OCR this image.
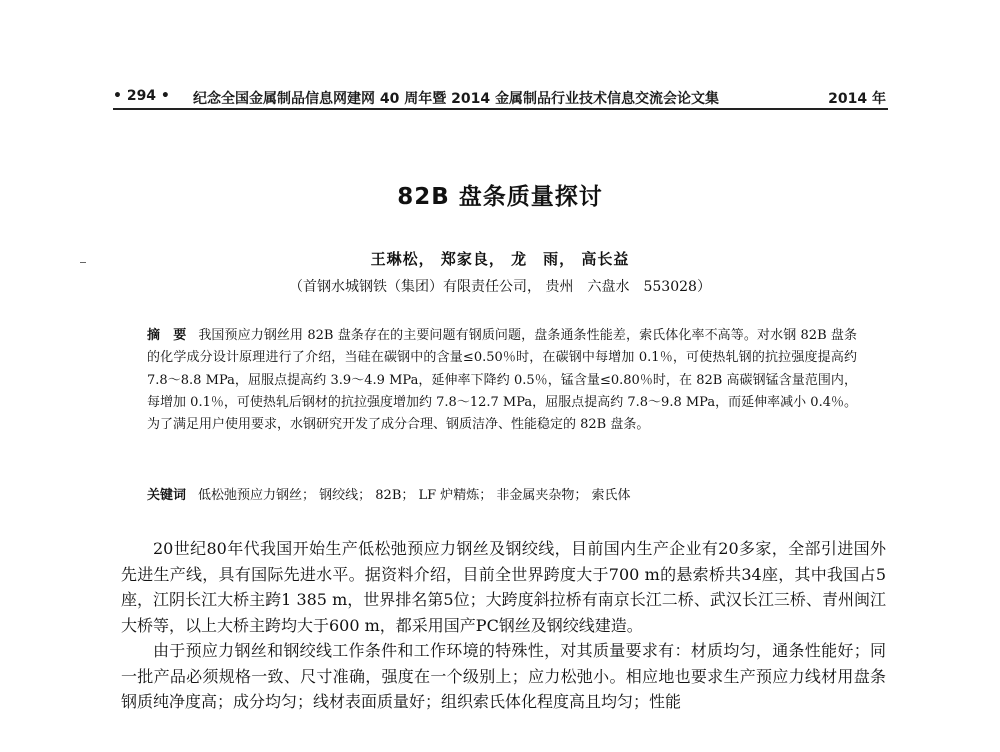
• 294 • 纪念全国金属制品信息网建网 40 周年暨 2014 金属制品行业技术信息交流会论文集	2014 年
82B 盘条质量探讨
王琳松， 郑家良， 龙　雨， 高长益
（首钢水城钢铁（集团）有限责任公司， 贵州　六盘水　553028）
摘　要 我国预应力钢丝用 82B 盘条存在的主要问题有钢质问题，盘条通条性能差，索氏体化率不高等。对水钢 82B 盘条的化学成分设计原理进行了介绍，当硅在碳钢中的含量≤0.50％时，在碳钢中每增加 0.1％，可使热轧钢的抗拉强度提高约 7.8～8.8 MPa，屈服点提高约 3.9～4.9 MPa，延伸率下降约 0.5％，锰含量≤0.80％时，在 82B 高碳钢锰含量范围内，每增加 0.1％，可使热轧后钢材的抗拉强度增加约 7.8～12.7 MPa，屈服点提高约 7.8～9.8 MPa，而延伸率减小 0.4％。为了满足用户使用要求，水钢研究开发了成分合理、钢质洁净、性能稳定的 82B 盘条。
关键词 低松弛预应力钢丝； 钢绞线； 82B； LF 炉精炼； 非金属夹杂物； 索氏体

20世纪80年代我国开始生产低松弛预应力钢丝及钢绞线，目前国内生产企业有20多家，全部引进国外先进生产线，具有国际先进水平。据资料介绍，目前全世界跨度大于700 m的悬索桥共34座，其中我国占5座，江阴长江大桥主跨1 385 m，世界排名第5位；大跨度斜拉桥有南京长江二桥、武汉长江三桥、青州闽江大桥等，以上大桥主跨均大于600 m，都采用国产PC钢丝及钢绞线建造。

由于预应力钢丝和钢绞线工作条件和工作环境的特殊性，对其质量要求有：材质均匀，通条性能好；同一批产品必须规格一致、尺寸准确，强度在一个级别上；应力松弛小。相应地也要求生产预应力线材用盘条钢质纯净度高；成分均匀；线材表面质量好；组织索氏体化程度高且均匀；性能
